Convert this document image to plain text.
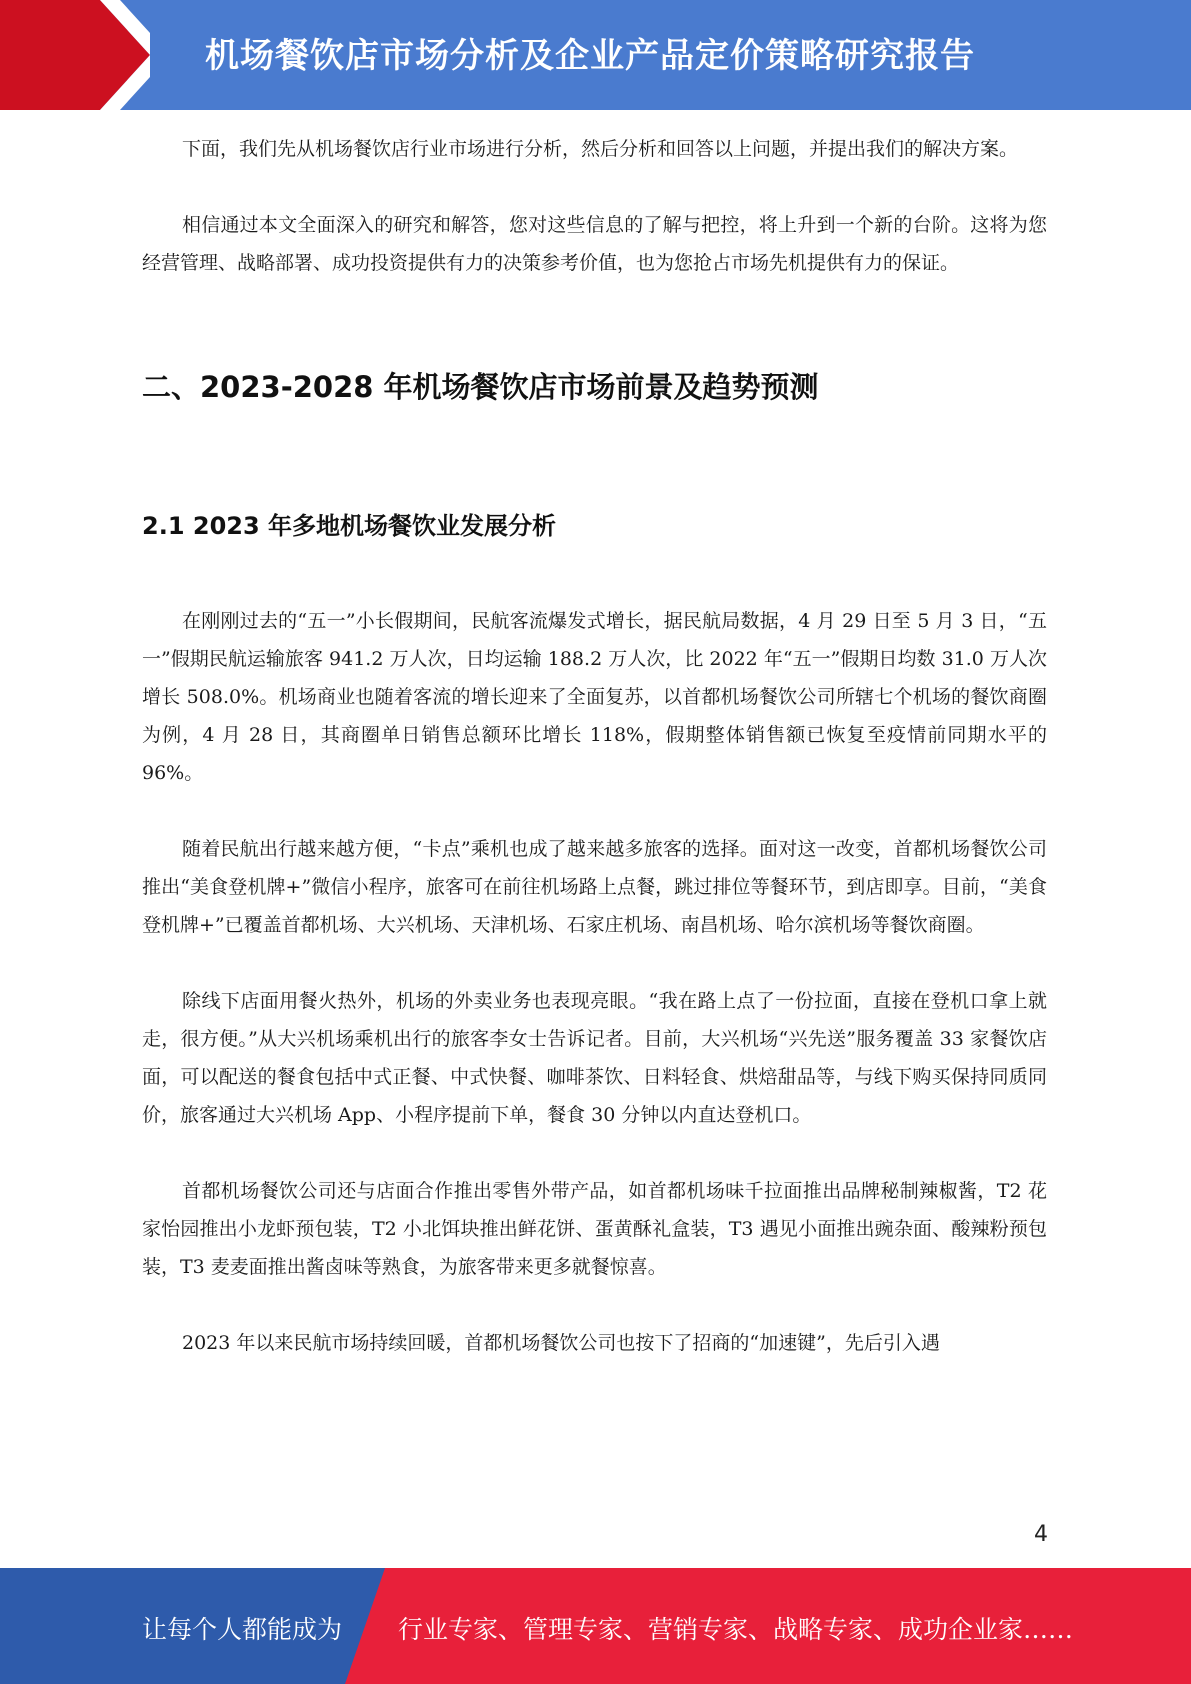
机场餐饮店市场分析及企业产品定价策略研究报告

下面，我们先从机场餐饮店行业市场进行分析，然后分析和回答以上问题，并提出我们的解决方案。

相信通过本文全面深入的研究和解答，您对这些信息的了解与把控，将上升到一个新的台阶。这将为您经营管理、战略部署、成功投资提供有力的决策参考价值，也为您抢占市场先机提供有力的保证。

二、2023-2028 年机场餐饮店市场前景及趋势预测
2.1 2023 年多地机场餐饮业发展分析

在刚刚过去的“五一”小长假期间，民航客流爆发式增长，据民航局数据，4 月 29 日至 5 月 3 日，“五一”假期民航运输旅客 941.2 万人次，日均运输 188.2 万人次，比 2022 年“五一”假期日均数 31.0 万人次增长 508.0%。机场商业也随着客流的增长迎来了全面复苏，以首都机场餐饮公司所辖七个机场的餐饮商圈为例，4 月 28 日，其商圈单日销售总额环比增长 118%，假期整体销售额已恢复至疫情前同期水平的 96%。

随着民航出行越来越方便，“卡点”乘机也成了越来越多旅客的选择。面对这一改变，首都机场餐饮公司推出“美食登机牌+”微信小程序，旅客可在前往机场路上点餐，跳过排位等餐环节，到店即享。目前，“美食登机牌+”已覆盖首都机场、大兴机场、天津机场、石家庄机场、南昌机场、哈尔滨机场等餐饮商圈。

除线下店面用餐火热外，机场的外卖业务也表现亮眼。“我在路上点了一份拉面，直接在登机口拿上就走，很方便。”从大兴机场乘机出行的旅客李女士告诉记者。目前，大兴机场“兴先送”服务覆盖 33 家餐饮店面，可以配送的餐食包括中式正餐、中式快餐、咖啡茶饮、日料轻食、烘焙甜品等，与线下购买保持同质同价，旅客通过大兴机场 App、小程序提前下单，餐食 30 分钟以内直达登机口。

首都机场餐饮公司还与店面合作推出零售外带产品，如首都机场味千拉面推出品牌秘制辣椒酱，T2 花家怡园推出小龙虾预包装，T2 小北饵块推出鲜花饼、蛋黄酥礼盒装，T3 遇见小面推出豌杂面、酸辣粉预包装，T3 麦麦面推出酱卤味等熟食，为旅客带来更多就餐惊喜。

2023 年以来民航市场持续回暖，首都机场餐饮公司也按下了招商的“加速键”，先后引入遇

4
让每个人都能成为 行业专家、管理专家、营销专家、战略专家、成功企业家……
